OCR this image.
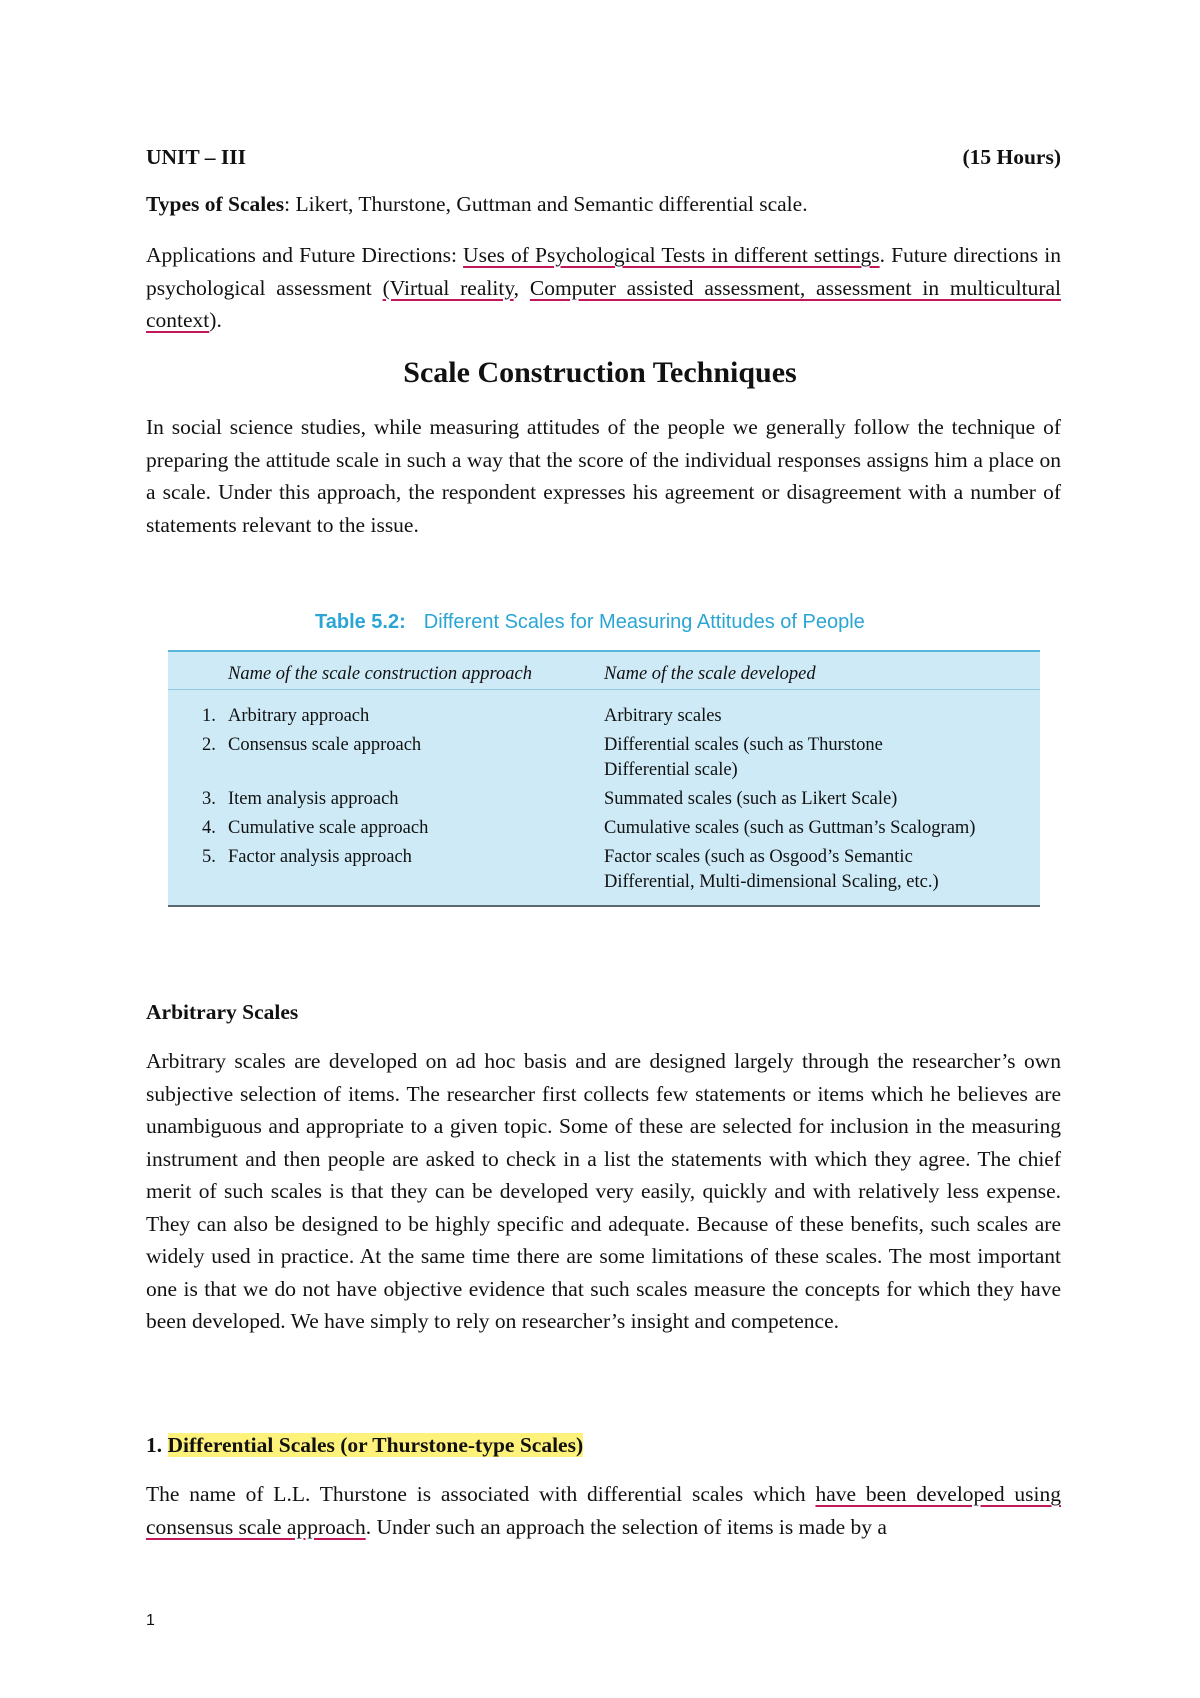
UNIT – III	(15 Hours)

Types of Scales: Likert, Thurstone, Guttman and Semantic differential scale.

Applications and Future Directions: Uses of Psychological Tests in different settings. Future directions in psychological assessment (Virtual reality, Computer assisted assessment, assessment in multicultural context).

Scale Construction Techniques

In social science studies, while measuring attitudes of the people we generally follow the technique of preparing the attitude scale in such a way that the score of the individual responses assigns him a place on a scale. Under this approach, the respondent expresses his agreement or disagreement with a number of statements relevant to the issue.

Table 5.2: Different Scales for Measuring Attitudes of People
Name of the scale construction approach	Name of the scale developed
1. Arbitrary approach	Arbitrary scales
2. Consensus scale approach	Differential scales (such as Thurstone Differential scale)
3. Item analysis approach	Summated scales (such as Likert Scale)
4. Cumulative scale approach	Cumulative scales (such as Guttman’s Scalogram)
5. Factor analysis approach	Factor scales (such as Osgood’s Semantic Differential, Multi-dimensional Scaling, etc.)
Arbitrary Scales

Arbitrary scales are developed on ad hoc basis and are designed largely through the researcher’s own subjective selection of items. The researcher first collects few statements or items which he believes are unambiguous and appropriate to a given topic. Some of these are selected for inclusion in the measuring instrument and then people are asked to check in a list the statements with which they agree. The chief merit of such scales is that they can be developed very easily, quickly and with relatively less expense. They can also be designed to be highly specific and adequate. Because of these benefits, such scales are widely used in practice. At the same time there are some limitations of these scales. The most important one is that we do not have objective evidence that such scales measure the concepts for which they have been developed. We have simply to rely on researcher’s insight and competence.

1. Differential Scales (or Thurstone-type Scales)

The name of L.L. Thurstone is associated with differential scales which have been developed using consensus scale approach. Under such an approach the selection of items is made by a

1
